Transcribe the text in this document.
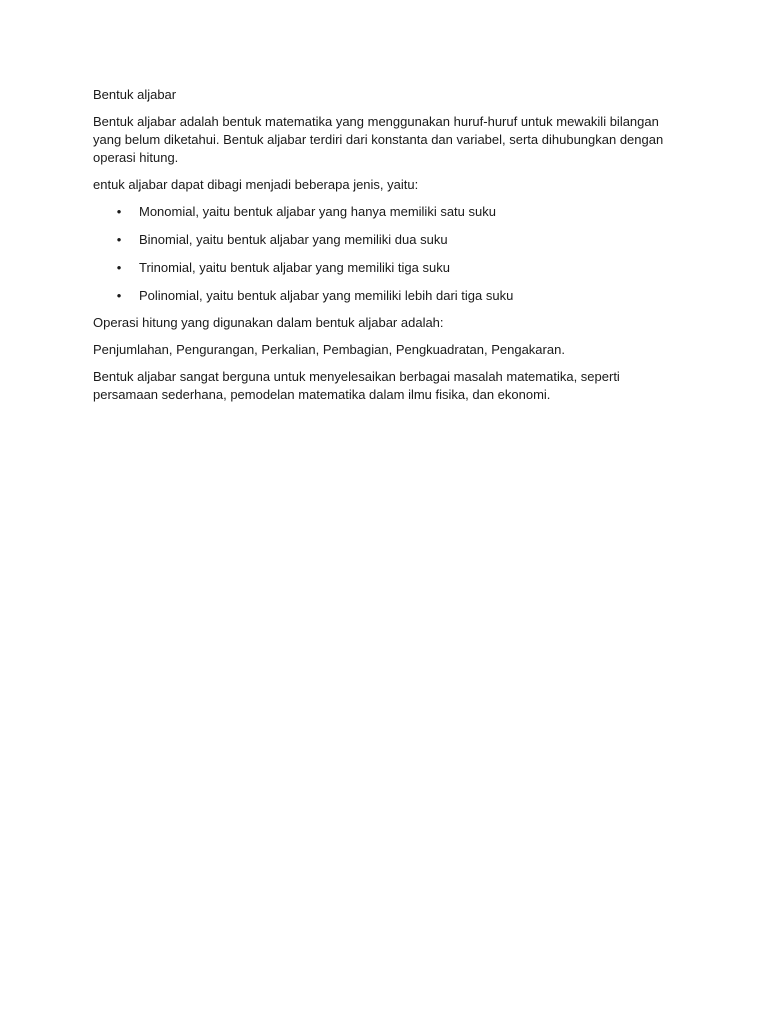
Bentuk aljabar

Bentuk aljabar adalah bentuk matematika yang menggunakan huruf-huruf untuk mewakili bilangan yang belum diketahui. Bentuk aljabar terdiri dari konstanta dan variabel, serta dihubungkan dengan operasi hitung.

entuk aljabar dapat dibagi menjadi beberapa jenis, yaitu:

• Monomial, yaitu bentuk aljabar yang hanya memiliki satu suku
• Binomial, yaitu bentuk aljabar yang memiliki dua suku
• Trinomial, yaitu bentuk aljabar yang memiliki tiga suku
• Polinomial, yaitu bentuk aljabar yang memiliki lebih dari tiga suku

Operasi hitung yang digunakan dalam bentuk aljabar adalah:

Penjumlahan, Pengurangan, Perkalian, Pembagian, Pengkuadratan, Pengakaran.

Bentuk aljabar sangat berguna untuk menyelesaikan berbagai masalah matematika, seperti persamaan sederhana, pemodelan matematika dalam ilmu fisika, dan ekonomi.
